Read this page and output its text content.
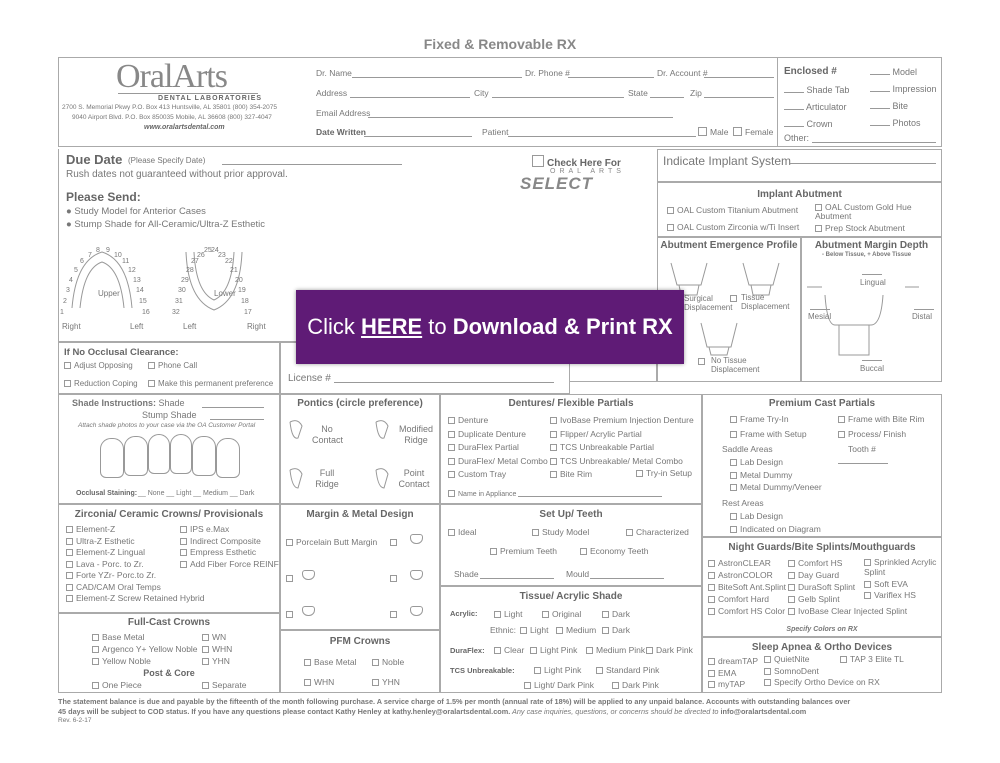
Fixed & Removable RX
OralArts
DENTAL LABORATORIES
2700 S. Memorial Pkwy P.O. Box 413 Huntsville, AL 35801 (800) 354-2075
9040 Airport Blvd. P.O. Box 850035 Mobile, AL 36608 (800) 327-4047
www.oralartsdental.com
Dr. Name	Dr. Phone #	Dr. Account #
Address	City	State	Zip
Email Address
Date Written	Patient	Male	Female
Enclosed #
Shade Tab
Articulator
Crown
Model
Impression
Bite
Photos
Other:
Due Date (Please Specify Date)
Rush dates not guaranteed without prior approval.
Please Send:
● Study Model for Anterior Cases
● Stump Shade for All-Ceramic/Ultra-Z Esthetic
Check Here For
ORAL ARTS
SELECT
Upper	Lower
Right	Left	Left	Right
1
2
3
4
5
6
7
8 9
10
11
12
13
14
15
16	17
18
19
20
21
22
23
24
25
26
27
28
29
30
31
32
Indicate Implant System
Implant Abutment
OAL Custom Titanium Abutment	OAL Custom Gold Hue Abutment
OAL Custom Zirconia w/Ti Insert	Prep Stock Abutment
Abutment Emergence Profile	Abutment Margin Depth
- Below Tissue, + Above Tissue
Surgical Displacement
Tissue Displacement
No Tissue Displacement
Lingual
Mesial	Distal
Buccal
If No Occlusal Clearance:
Adjust Opposing	Phone Call
Reduction Coping	Make this permanent preference License #
Shade Instructions: Shade
Stump Shade
Attach shade photos to your case via the OA Customer Portal
Occlusal Staining: __ None __ Light __ Medium __ Dark
Pontics (circle preference)
No Contact
Modified Ridge
Full Ridge
Point Contact
Dentures/ Flexible Partials
Denture
Duplicate Denture
DuraFlex Partial
DuraFlex/ Metal Combo
Custom Tray
IvoBase Premium Injection Denture
Flipper/ Acrylic Partial
TCS Unbreakable Partial
TCS Unbreakable/ Metal Combo
Bite Rim	Try-in Setup
Name in Appliance
Premium Cast Partials
Frame Try-In	Frame with Bite Rim
Frame with Setup	Process/ Finish
Saddle Areas	Tooth #
Lab Design
Metal Dummy
Metal Dummy/Veneer
Rest Areas
Lab Design
Indicated on Diagram
Zirconia/ Ceramic Crowns/ Provisionals
Element-Z
Ultra-Z Esthetic
Element-Z Lingual
Lava - Porc. to Zr.
Forte YZr- Porc.to Zr.
CAD/CAM Oral Temps
Element-Z Screw Retained Hybrid
IPS e.Max
Indirect Composite
Empress Esthetic
Add Fiber Force REINF
Margin & Metal Design
Porcelain Butt Margin
Set Up/ Teeth
Ideal	Study Model	Characterized
Premium Teeth	Economy Teeth
Shade	Mould
Night Guards/Bite Splints/Mouthguards
AstronCLEAR
AstronCOLOR
BiteSoft Ant.Splint
Comfort Hard
Comfort HS Color
Comfort HS
Day Guard
DuraSoft Splint
Gelb Splint
IvoBase Clear Injected Splint
Sprinkled Acrylic Splint
Soft EVA
Variflex HS
Specify Colors on RX
Full-Cast Crowns
Base Metal
Argenco Y+ Yellow Noble
Yellow Noble
WN
WHN
YHN
Post & Core
One Piece	Separate
PFM Crowns
Base Metal	Noble
WHN	YHN
Tissue/ Acrylic Shade
Acrylic:	Light	Original	Dark
Ethnic:	Light	Medium	Dark
DuraFlex:	Clear	Light Pink	Medium Pink	Dark Pink
TCS Unbreakable:	Light Pink	Standard Pink
Light/ Dark Pink	Dark Pink
Sleep Apnea & Ortho Devices
dreamTAP
EMA
myTAP
QuietNite
SomnoDent
Specify Ortho Device on RX
TAP 3 Elite TL
The statement balance is due and payable by the fifteenth of the month following purchase. A service charge of 1.5% per month (annual rate of 18%) will be applied to any unpaid balance. Accounts with outstanding balances over
45 days will be subject to COD status. If you have any questions please contact Kathy Henley at kathy.henley@oralartsdental.com. Any case inquiries, questions, or concerns should be directed to info@oralartsdental.com
Rev. 6-2-17
Click HERE to Download & Print RX
